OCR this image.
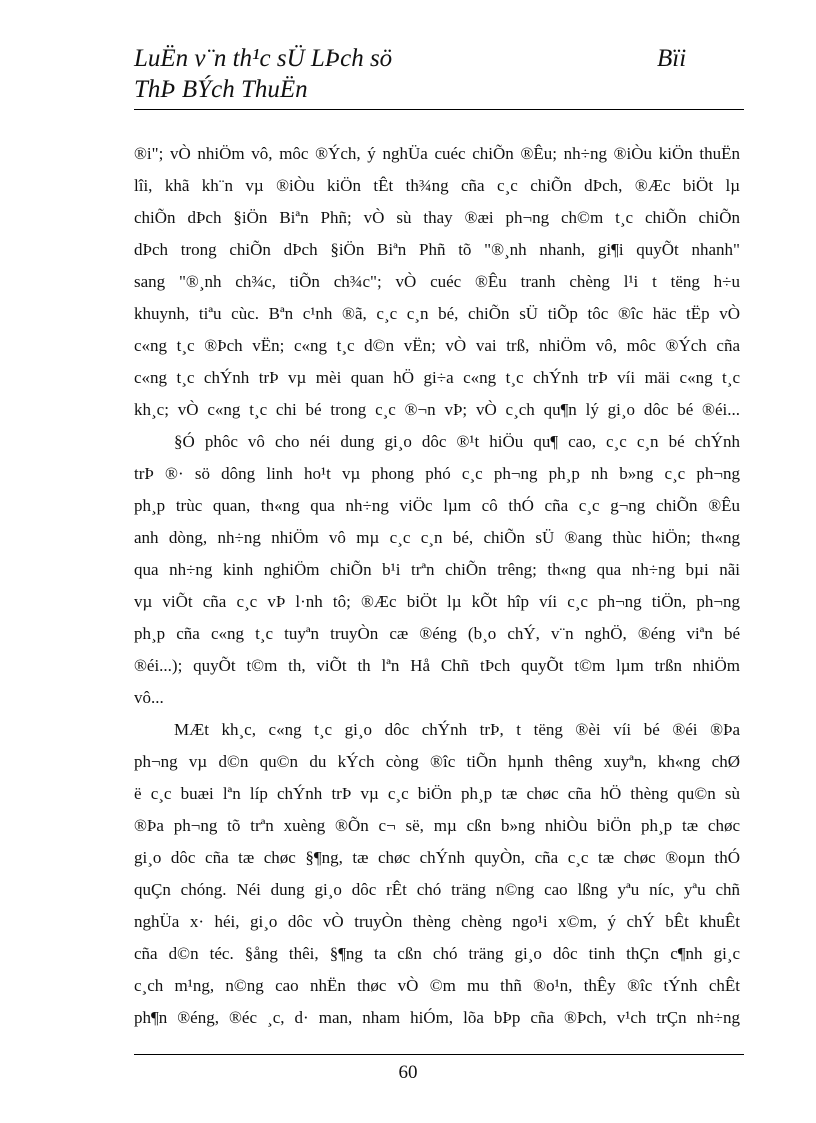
LuËn v¨n th¹c sÜ LÞch sö	Bïi
ThÞ BÝch ThuËn
®i"; vÒ nhiÖm vô, môc ®Ých, ý nghÜa cuéc chiÕn ®Êu; nh÷ng ®iÒu kiÖn thuËn
lîi, khã kh¨n vµ ®iÒu kiÖn tÊt th¾ng cña c¸c chiÕn dÞch, ®Æc biÖt lµ
chiÕn dÞch §iÖn Biªn Phñ; vÒ sù thay ®æi ph¬ng ch©m t¸c chiÕn chiÕn
dÞch trong chiÕn dÞch §iÖn Biªn Phñ tõ "®¸nh nhanh, gi¶i quyÕt nhanh"
sang "®¸nh ch¾c, tiÕn ch¾c"; vÒ cuéc ®Êu tranh chèng l¹i t tëng h÷u
khuynh, tiªu cùc. Bªn c¹nh ®ã, c¸c c¸n bé, chiÕn sÜ tiÕp tôc ®îc häc tËp vÒ
c«ng t¸c ®Þch vËn; c«ng t¸c d©n vËn; vÒ vai trß, nhiÖm vô, môc ®Ých cña
c«ng t¸c chÝnh trÞ vµ mèi quan hÖ gi÷a c«ng t¸c chÝnh trÞ víi mäi c«ng t¸c
kh¸c; vÒ c«ng t¸c chi bé trong c¸c ®¬n vÞ; vÒ c¸ch qu¶n lý gi¸o dôc bé ®éi...
§Ó phôc vô cho néi dung gi¸o dôc ®¹t hiÖu qu¶ cao, c¸c c¸n bé chÝnh
trÞ ®· sö dông linh ho¹t vµ phong phó c¸c ph¬ng ph¸p nh b»ng c¸c ph¬ng
ph¸p trùc quan, th«ng qua nh÷ng viÖc lµm cô thÓ cña c¸c g¬ng chiÕn ®Êu
anh dòng, nh÷ng nhiÖm vô mµ c¸c c¸n bé, chiÕn sÜ ®ang thùc hiÖn; th«ng
qua nh÷ng kinh nghiÖm chiÕn b¹i trªn chiÕn trêng; th«ng qua nh÷ng bµi nãi
vµ viÕt cña c¸c vÞ l·nh tô; ®Æc biÖt lµ kÕt hîp víi c¸c ph¬ng tiÖn, ph¬ng
ph¸p cña c«ng t¸c tuyªn truyÒn cæ ®éng (b¸o chÝ, v¨n nghÖ, ®éng viªn bé
®éi...); quyÕt t©m th, viÕt th lªn Hå Chñ tÞch quyÕt t©m lµm trßn nhiÖm
vô...
MÆt kh¸c, c«ng t¸c gi¸o dôc chÝnh trÞ, t tëng ®èi víi bé ®éi ®Þa
ph¬ng vµ d©n qu©n du kÝch còng ®îc tiÕn hµnh thêng xuyªn, kh«ng chØ
ë c¸c buæi lªn líp chÝnh trÞ vµ c¸c biÖn ph¸p tæ chøc cña hÖ thèng qu©n sù
®Þa ph¬ng tõ trªn xuèng ®Õn c¬ së, mµ cßn b»ng nhiÒu biÖn ph¸p tæ chøc
gi¸o dôc cña tæ chøc §¶ng, tæ chøc chÝnh quyÒn, cña c¸c tæ chøc ®oµn thÓ
quÇn chóng. Néi dung gi¸o dôc rÊt chó träng n©ng cao lßng yªu níc, yªu chñ
nghÜa x· héi, gi¸o dôc vÒ truyÒn thèng chèng ngo¹i x©m, ý chÝ bÊt khuÊt
cña d©n téc. §ång thêi, §¶ng ta cßn chó träng gi¸o dôc tinh thÇn c¶nh gi¸c
c¸ch m¹ng, n©ng cao nhËn thøc vÒ ©m mu thñ ®o¹n, thÊy ®îc tÝnh chÊt
ph¶n ®éng, ®éc ¸c, d· man, nham hiÓm, lõa bÞp cña ®Þch, v¹ch trÇn nh÷ng
60
